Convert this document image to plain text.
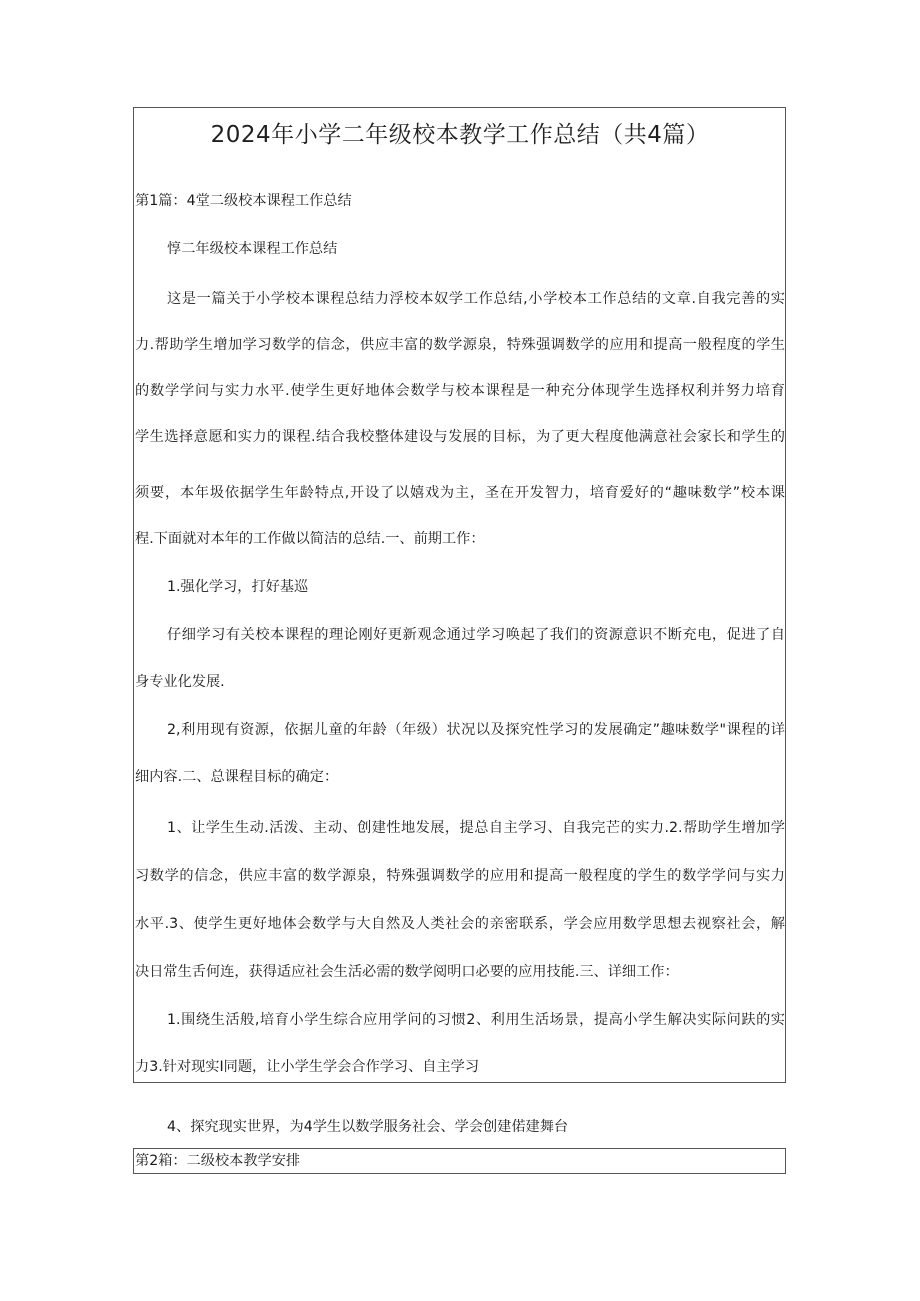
2024年小学二年级校本教学工作总结（共4篇）
第1篇：4堂二级校本课程工作总结
惇二年级校本课程工作总结
这是一篇关于小学校本课程总结力浮校本奴学工作总结,小学校本工作总结的文章.自我完善的实
力.帮助学生增加学习数学的信念，供应丰富的数学源泉，特殊强调数学的应用和提高一般程度的学生
的数学学问与实力水平.使学生更好地体会数学与校本课程是一种充分体现学生选择权利并努力培育
学生选择意愿和实力的课程.结合我校整体建设与发展的目标，为了更大程度他满意社会家长和学生的
须要，本年圾依据学生年龄特点,开设了以嬉戏为主，圣在开发智力，培育爱好的“趣味数学”校本课
程.下面就对本年的工作做以简洁的总结.一、前期工作：
1.强化学习，打好基巡
仔细学习有关校本课程的理论刚好更新观念通过学习唤起了我们的资源意识不断充电，促进了自
身专业化发展.
2,利用现有资源，依据儿童的年龄（年级）状况以及探究性学习的发展确定”趣味数学"课程的详
细内容.二、总课程目标的确定：
1、让学生生动.活泼、主动、创建性地发展，提总自主学习、自我完芒的实力.2.帮助学生增加学
习数学的信念，供应丰富的数学源泉，特殊强调数学的应用和提高一般程度的学生的数学学问与实力
水平.3、使学生更好地体会数学与大自然及人类社会的亲密联系，学会应用数学思想去视察社会，解
决日常生舌何连，获得适应社会生活必需的数学阅明口必要的应用技能.三、详细工作：
1.围绕生活般,培育小学生综合应用学问的习惯2、利用生活场景，提高小学生解决实际问趺的实
力3.针对现实I同题，让小学生学会合作学习、自主学习
4、探究现实世界，为4学生以数学服务社会、学会创建偌建舞台
第2箱：二级校本教学安排
